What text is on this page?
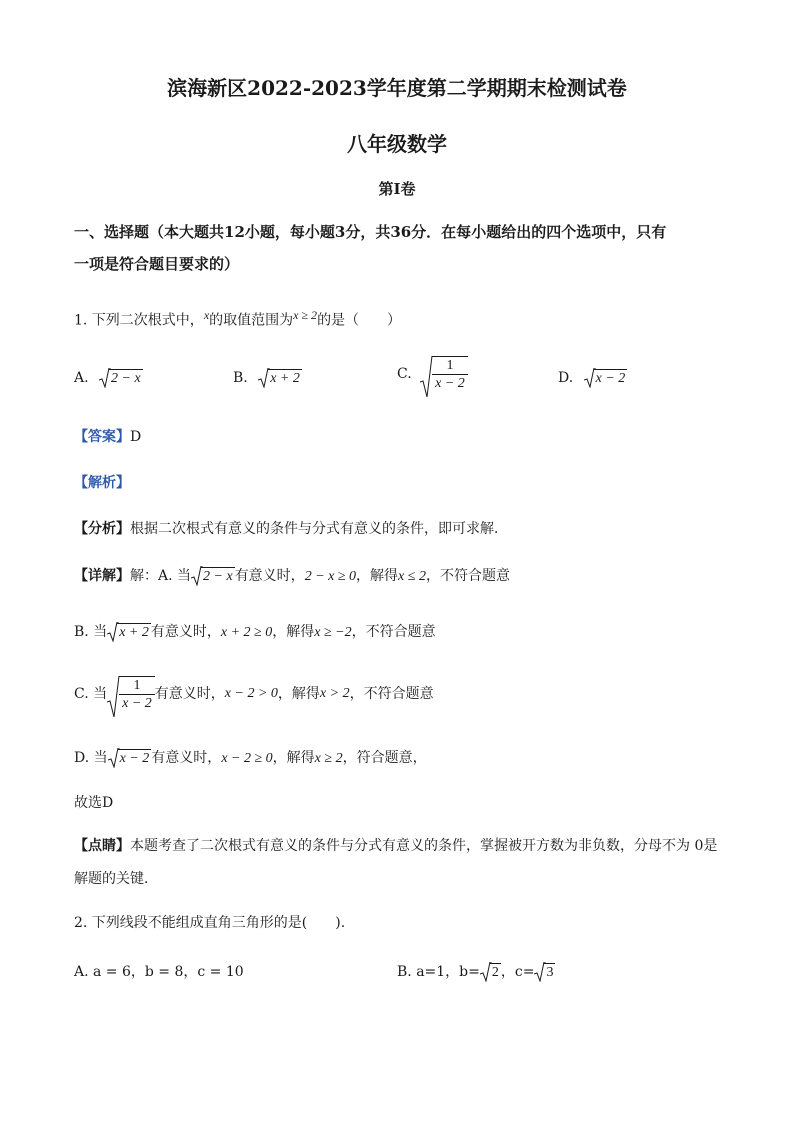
滨海新区2022-2023学年度第二学期期末检测试卷
八年级数学
第Ⅰ卷
一、选择题（本大题共12小题，每小题3分，共36分．在每小题给出的四个选项中，只有
一项是符合题目要求的）
1. 下列二次根式中，$^x$的取值范围为$^{x \ge 2}$的是（　　）
A. 2 − x	B. x + 2	C. $\frac{1}{x - 2}$	D. x − 2
【答案】D
【解析】
【分析】根据二次根式有意义的条件与分式有意义的条件，即可求解．
【详解】解：A. 当 2 − x 有意义时，2 − x ≥ 0，解得x ≤ 2，不符合题意
B. 当 x + 2 有意义时，x + 2 ≥ 0，解得x ≥ −2，不符合题意
C. 当 $\frac{1}{x - 2}$ 有意义时，x − 2 > 0，解得x > 2，不符合题意
D. 当 x − 2 有意义时，x − 2 ≥ 0，解得x ≥ 2，符合题意，
故选D
【点睛】本题考查了二次根式有意义的条件与分式有意义的条件，掌握被开方数为非负数，分母不为 0是
解题的关键．
2. 下列线段不能组成直角三角形的是(　　).
A. a = 6，b = 8，c = 10	B. a=1，b= 2 ，c= 3
